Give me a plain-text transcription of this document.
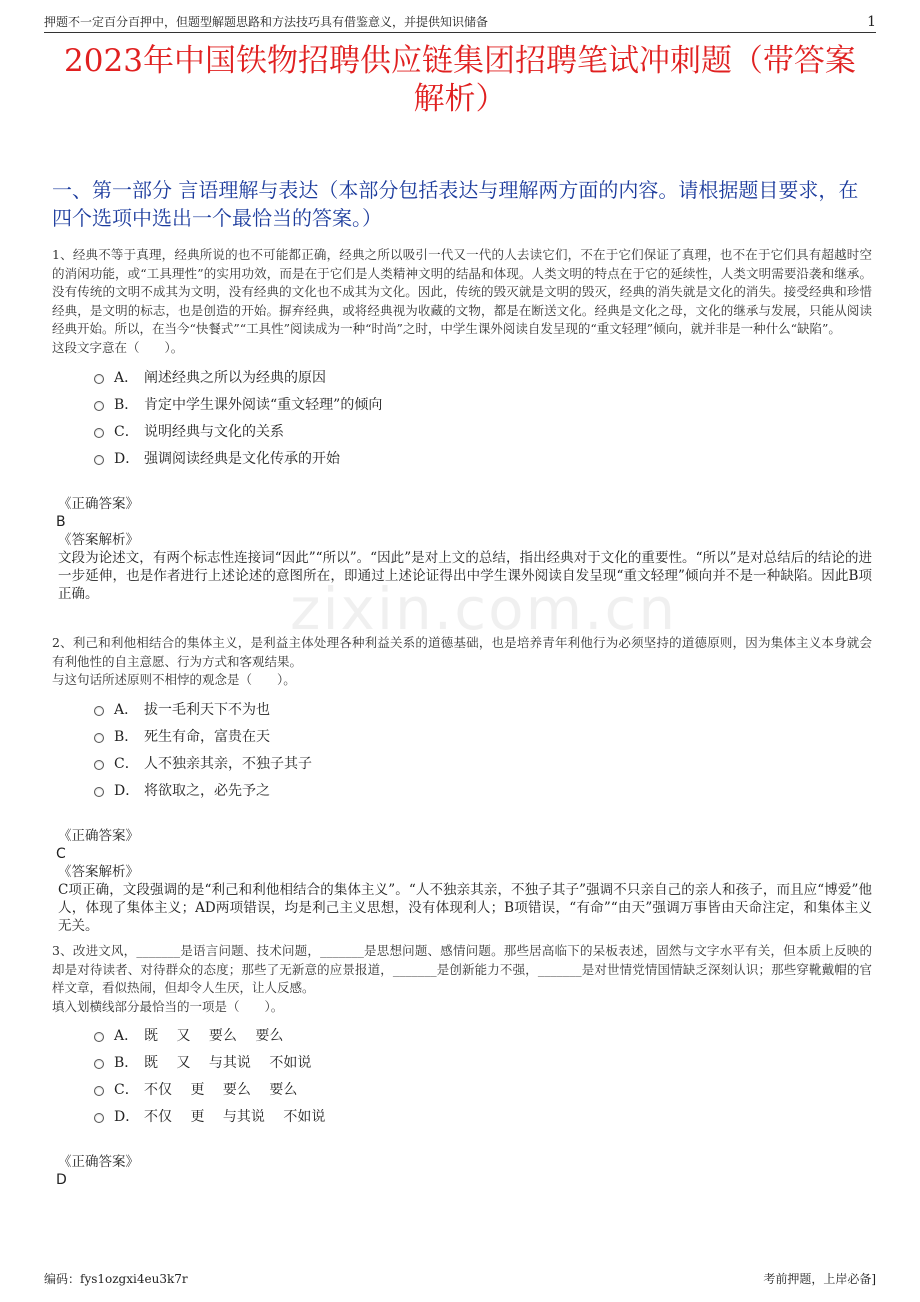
押题不一定百分百押中，但题型解题思路和方法技巧具有借鉴意义，并提供知识储备	1
2023年中国铁物招聘供应链集团招聘笔试冲刺题（带答案解析）
一、第一部分 言语理解与表达（本部分包括表达与理解两方面的内容。请根据题目要求，在四个选项中选出一个最恰当的答案。）
zixin.com.cn
1、经典不等于真理，经典所说的也不可能都正确，经典之所以吸引一代又一代的人去读它们，不在于它们保证了真理，也不在于它们具有超越时空的消闲功能，或“工具理性”的实用功效，而是在于它们是人类精神文明的结晶和体现。人类文明的特点在于它的延续性，人类文明需要沿袭和继承。没有传统的文明不成其为文明，没有经典的文化也不成其为文化。因此，传统的毁灭就是文明的毁灭，经典的消失就是文化的消失。接受经典和珍惜经典，是文明的标志，也是创造的开始。摒弃经典，或将经典视为收藏的文物，都是在断送文化。经典是文化之母，文化的继承与发展，只能从阅读经典开始。所以，在当今“快餐式”“工具性”阅读成为一种“时尚”之时，中学生课外阅读自发呈现的“重文轻理”倾向，就并非是一种什么“缺陷”。
这段文字意在（　　）。
A． 阐述经典之所以为经典的原因
B． 肯定中学生课外阅读“重文轻理”的倾向
C． 说明经典与文化的关系
D． 强调阅读经典是文化传承的开始
《正确答案》
B
《答案解析》
文段为论述文，有两个标志性连接词“因此”“所以”。“因此”是对上文的总结，指出经典对于文化的重要性。“所以”是对总结后的结论的进一步延伸，也是作者进行上述论述的意图所在，即通过上述论证得出中学生课外阅读自发呈现“重文轻理”倾向并不是一种缺陷。因此B项正确。
2、利己和利他相结合的集体主义，是利益主体处理各种利益关系的道德基础，也是培养青年利他行为必须坚持的道德原则，因为集体主义本身就会有利他性的自主意愿、行为方式和客观结果。
与这句话所述原则不相悖的观念是（　　）。
A． 拔一毛利天下不为也
B． 死生有命，富贵在天
C． 人不独亲其亲，不独子其子
D． 将欲取之，必先予之
《正确答案》
C
《答案解析》
C项正确，文段强调的是“利己和利他相结合的集体主义”。“人不独亲其亲，不独子其子”强调不只亲自己的亲人和孩子，而且应“博爱”他人，体现了集体主义；AD两项错误，均是利己主义思想，没有体现利人；B项错误，“有命”“由天”强调万事皆由天命注定，和集体主义无关。
3、改进文风，_______是语言问题、技术问题，_______是思想问题、感情问题。那些居高临下的呆板表述，固然与文字水平有关，但本质上反映的却是对待读者、对待群众的态度；那些了无新意的应景报道，_______是创新能力不强，_______是对世情党情国情缺乏深刻认识；那些穿靴戴帽的官样文章，看似热闹，但却令人生厌，让人反感。
填入划横线部分最恰当的一项是（　　）。
A． 既　 又　 要么　 要么
B． 既　 又　 与其说　 不如说
C． 不仅　 更　 要么　 要么
D． 不仅　 更　 与其说　 不如说
《正确答案》
D
编码：fys1ozgxi4eu3k7r	考前押题，上岸必备]
